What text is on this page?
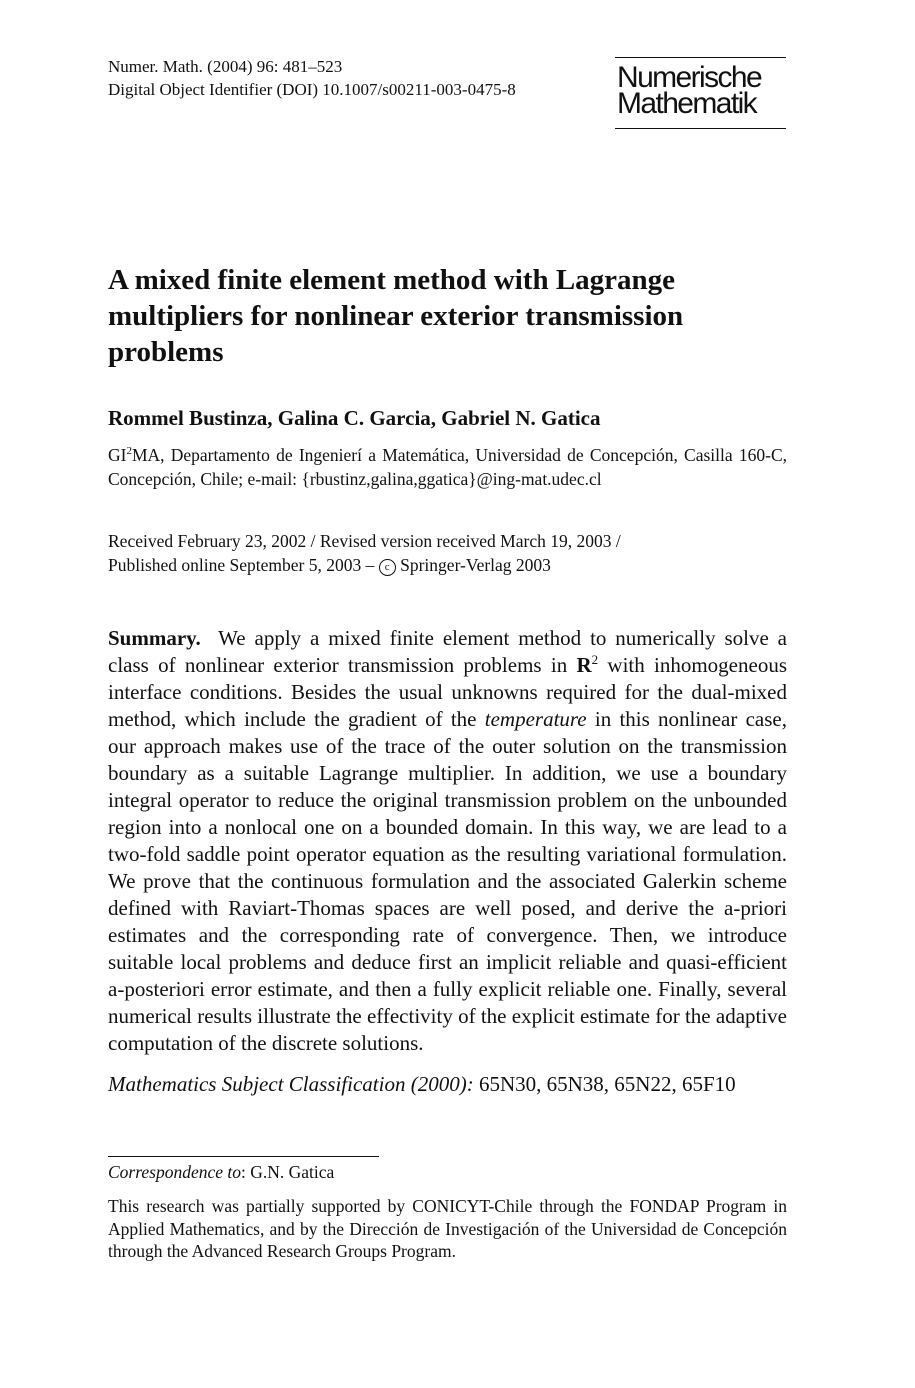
Numer. Math. (2004) 96: 481–523
Digital Object Identifier (DOI) 10.1007/s00211-003-0475-8	Numerische
Mathematik
A mixed finite element method with Lagrange multipliers for nonlinear exterior transmission problems
Rommel Bustinza, Galina C. Garcia, Gabriel N. Gatica
$GI^2MA$, Departamento de Ingenierí a Matemática, Universidad de Concepción, Casilla 160-C, Concepción, Chile; e-mail: {rbustinz,galina,ggatica}@ing-mat.udec.cl
Received February 23, 2002 / Revised version received March 19, 2003 /
Published online September 5, 2003 – c Springer-Verlag 2003
Summary. We apply a mixed finite element method to numerically solve a class of nonlinear exterior transmission problems in $R^2$ with inhomogeneous interface conditions. Besides the usual unknowns required for the dual-mixed method, which include the gradient of the temperature in this nonlinear case, our approach makes use of the trace of the outer solution on the transmission boundary as a suitable Lagrange multiplier. In addition, we use a boundary integral operator to reduce the original transmission problem on the unbounded region into a nonlocal one on a bounded domain. In this way, we are lead to a two-fold saddle point operator equation as the resulting variational formulation. We prove that the continuous formulation and the associated Galerkin scheme defined with Raviart-Thomas spaces are well posed, and derive the a-priori estimates and the corresponding rate of convergence. Then, we introduce suitable local problems and deduce first an implicit reliable and quasi-efficient a-posteriori error estimate, and then a fully explicit reliable one. Finally, several numerical results illustrate the effectivity of the explicit estimate for the adaptive computation of the discrete solutions.
Mathematics Subject Classification (2000): 65N30, 65N38, 65N22, 65F10
Correspondence to: G.N. Gatica
This research was partially supported by CONICYT-Chile through the FONDAP Program in Applied Mathematics, and by the Dirección de Investigación of the Universidad de Concepción through the Advanced Research Groups Program.
